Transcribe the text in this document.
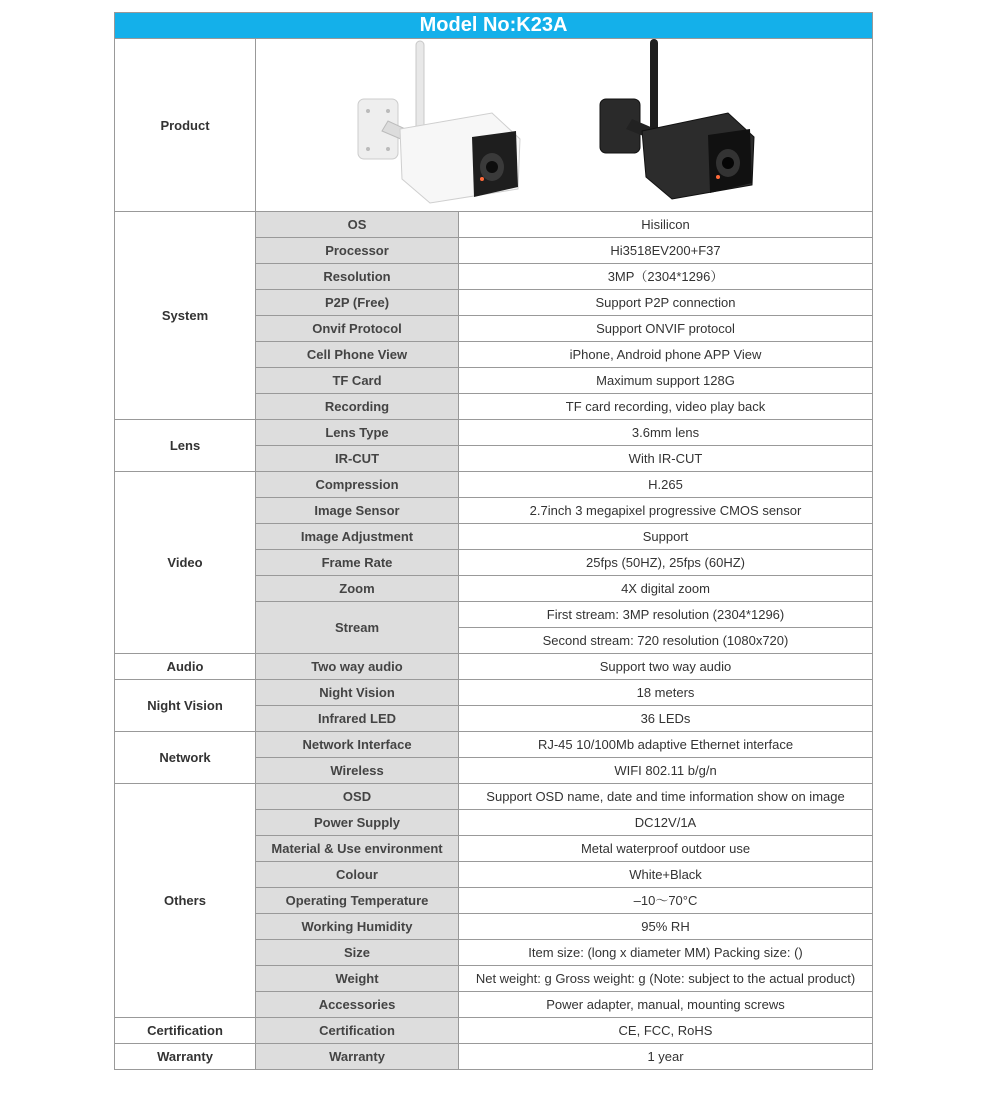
Model No:K23A		
Product	

System	OS	Hisilicon
	Processor	Hi3518EV200+F37
	Resolution	3MP（2304*1296）
	P2P (Free)	Support P2P connection
	Onvif Protocol	Support ONVIF protocol
	Cell Phone View	iPhone, Android phone APP View
	TF Card	Maximum support 128G
	Recording	TF card recording, video play back
Lens	Lens Type	3.6mm lens
	IR-CUT	With IR-CUT
Video	Compression	H.265
	Image Sensor	2.7inch 3 megapixel progressive CMOS sensor
	Image Adjustment	Support
	Frame Rate	25fps (50HZ), 25fps (60HZ)
	Zoom	4X digital zoom
	Stream	First stream: 3MP resolution (2304*1296)
		Second stream: 720 resolution (1080x720)
Audio	Two way audio	Support two way audio
Night Vision	Night Vision	18 meters
	Infrared LED	36 LEDs
Network	Network Interface	RJ-45 10/100Mb adaptive Ethernet interface
	Wireless	WIFI 802.11 b/g/n
Others	OSD	Support OSD name, date and time information show on image
	Power Supply	DC12V/1A
	Material & Use environment	Metal waterproof outdoor use
	Colour	White+Black
	Operating Temperature	–10～70°C
	Working Humidity	95% RH
	Size	Item size: (long x diameter MM) Packing size: ()
	Weight	Net weight: g Gross weight: g (Note: subject to the actual product)
	Accessories	Power adapter, manual, mounting screws
Certification	Certification	CE, FCC, RoHS
Warranty	Warranty	1 year
